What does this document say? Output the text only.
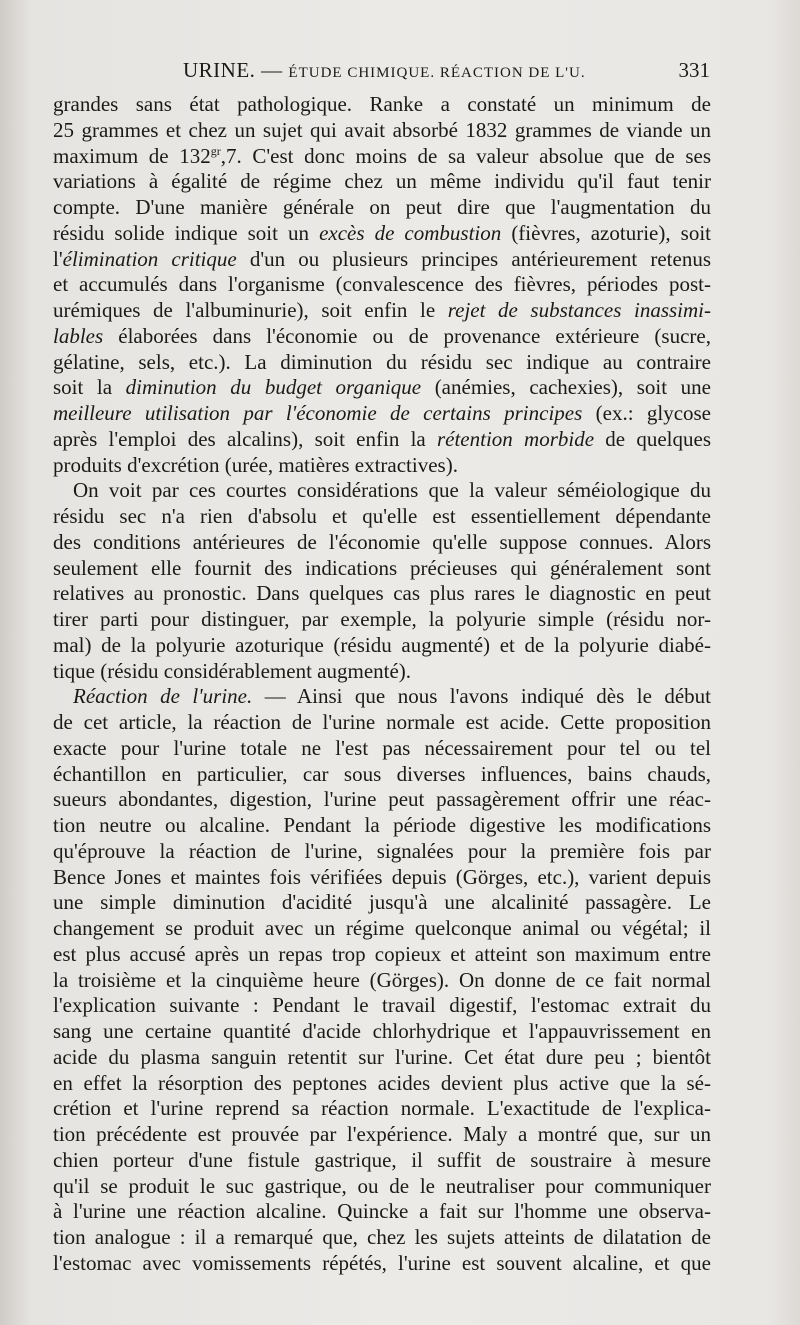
URINE. — ÉTUDE CHIMIQUE. RÉACTION DE L'U.	331
grandes sans état pathologique. Ranke a constaté un minimum de
25 grammes et chez un sujet qui avait absorbé 1832 grammes de viande un
maximum de $132^{gr},7$. C'est donc moins de sa valeur absolue que de ses
variations à égalité de régime chez un même individu qu'il faut tenir
compte. D'une manière générale on peut dire que l'augmentation du
résidu solide indique soit un excès de combustion (fièvres, azoturie), soit
l'élimination critique d'un ou plusieurs principes antérieurement retenus
et accumulés dans l'organisme (convalescence des fièvres, périodes post-
urémiques de l'albuminurie), soit enfin le rejet de substances inassimi-
lables élaborées dans l'économie ou de provenance extérieure (sucre,
gélatine, sels, etc.). La diminution du résidu sec indique au contraire
soit la diminution du budget organique (anémies, cachexies), soit une
meilleure utilisation par l'économie de certains principes (ex.: glycose
après l'emploi des alcalins), soit enfin la rétention morbide de quelques
produits d'excrétion (urée, matières extractives).
On voit par ces courtes considérations que la valeur séméiologique du
résidu sec n'a rien d'absolu et qu'elle est essentiellement dépendante
des conditions antérieures de l'économie qu'elle suppose connues. Alors
seulement elle fournit des indications précieuses qui généralement sont
relatives au pronostic. Dans quelques cas plus rares le diagnostic en peut
tirer parti pour distinguer, par exemple, la polyurie simple (résidu nor-
mal) de la polyurie azoturique (résidu augmenté) et de la polyurie diabé-
tique (résidu considérablement augmenté).
Réaction de l'urine. — Ainsi que nous l'avons indiqué dès le début
de cet article, la réaction de l'urine normale est acide. Cette proposition
exacte pour l'urine totale ne l'est pas nécessairement pour tel ou tel
échantillon en particulier, car sous diverses influences, bains chauds,
sueurs abondantes, digestion, l'urine peut passagèrement offrir une réac-
tion neutre ou alcaline. Pendant la période digestive les modifications
qu'éprouve la réaction de l'urine, signalées pour la première fois par
Bence Jones et maintes fois vérifiées depuis (Görges, etc.), varient depuis
une simple diminution d'acidité jusqu'à une alcalinité passagère. Le
changement se produit avec un régime quelconque animal ou végétal; il
est plus accusé après un repas trop copieux et atteint son maximum entre
la troisième et la cinquième heure (Görges). On donne de ce fait normal
l'explication suivante : Pendant le travail digestif, l'estomac extrait du
sang une certaine quantité d'acide chlorhydrique et l'appauvrissement en
acide du plasma sanguin retentit sur l'urine. Cet état dure peu ; bientôt
en effet la résorption des peptones acides devient plus active que la sé-
crétion et l'urine reprend sa réaction normale. L'exactitude de l'explica-
tion précédente est prouvée par l'expérience. Maly a montré que, sur un
chien porteur d'une fistule gastrique, il suffit de soustraire à mesure
qu'il se produit le suc gastrique, ou de le neutraliser pour communiquer
à l'urine une réaction alcaline. Quincke a fait sur l'homme une observa-
tion analogue : il a remarqué que, chez les sujets atteints de dilatation de
l'estomac avec vomissements répétés, l'urine est souvent alcaline, et que
